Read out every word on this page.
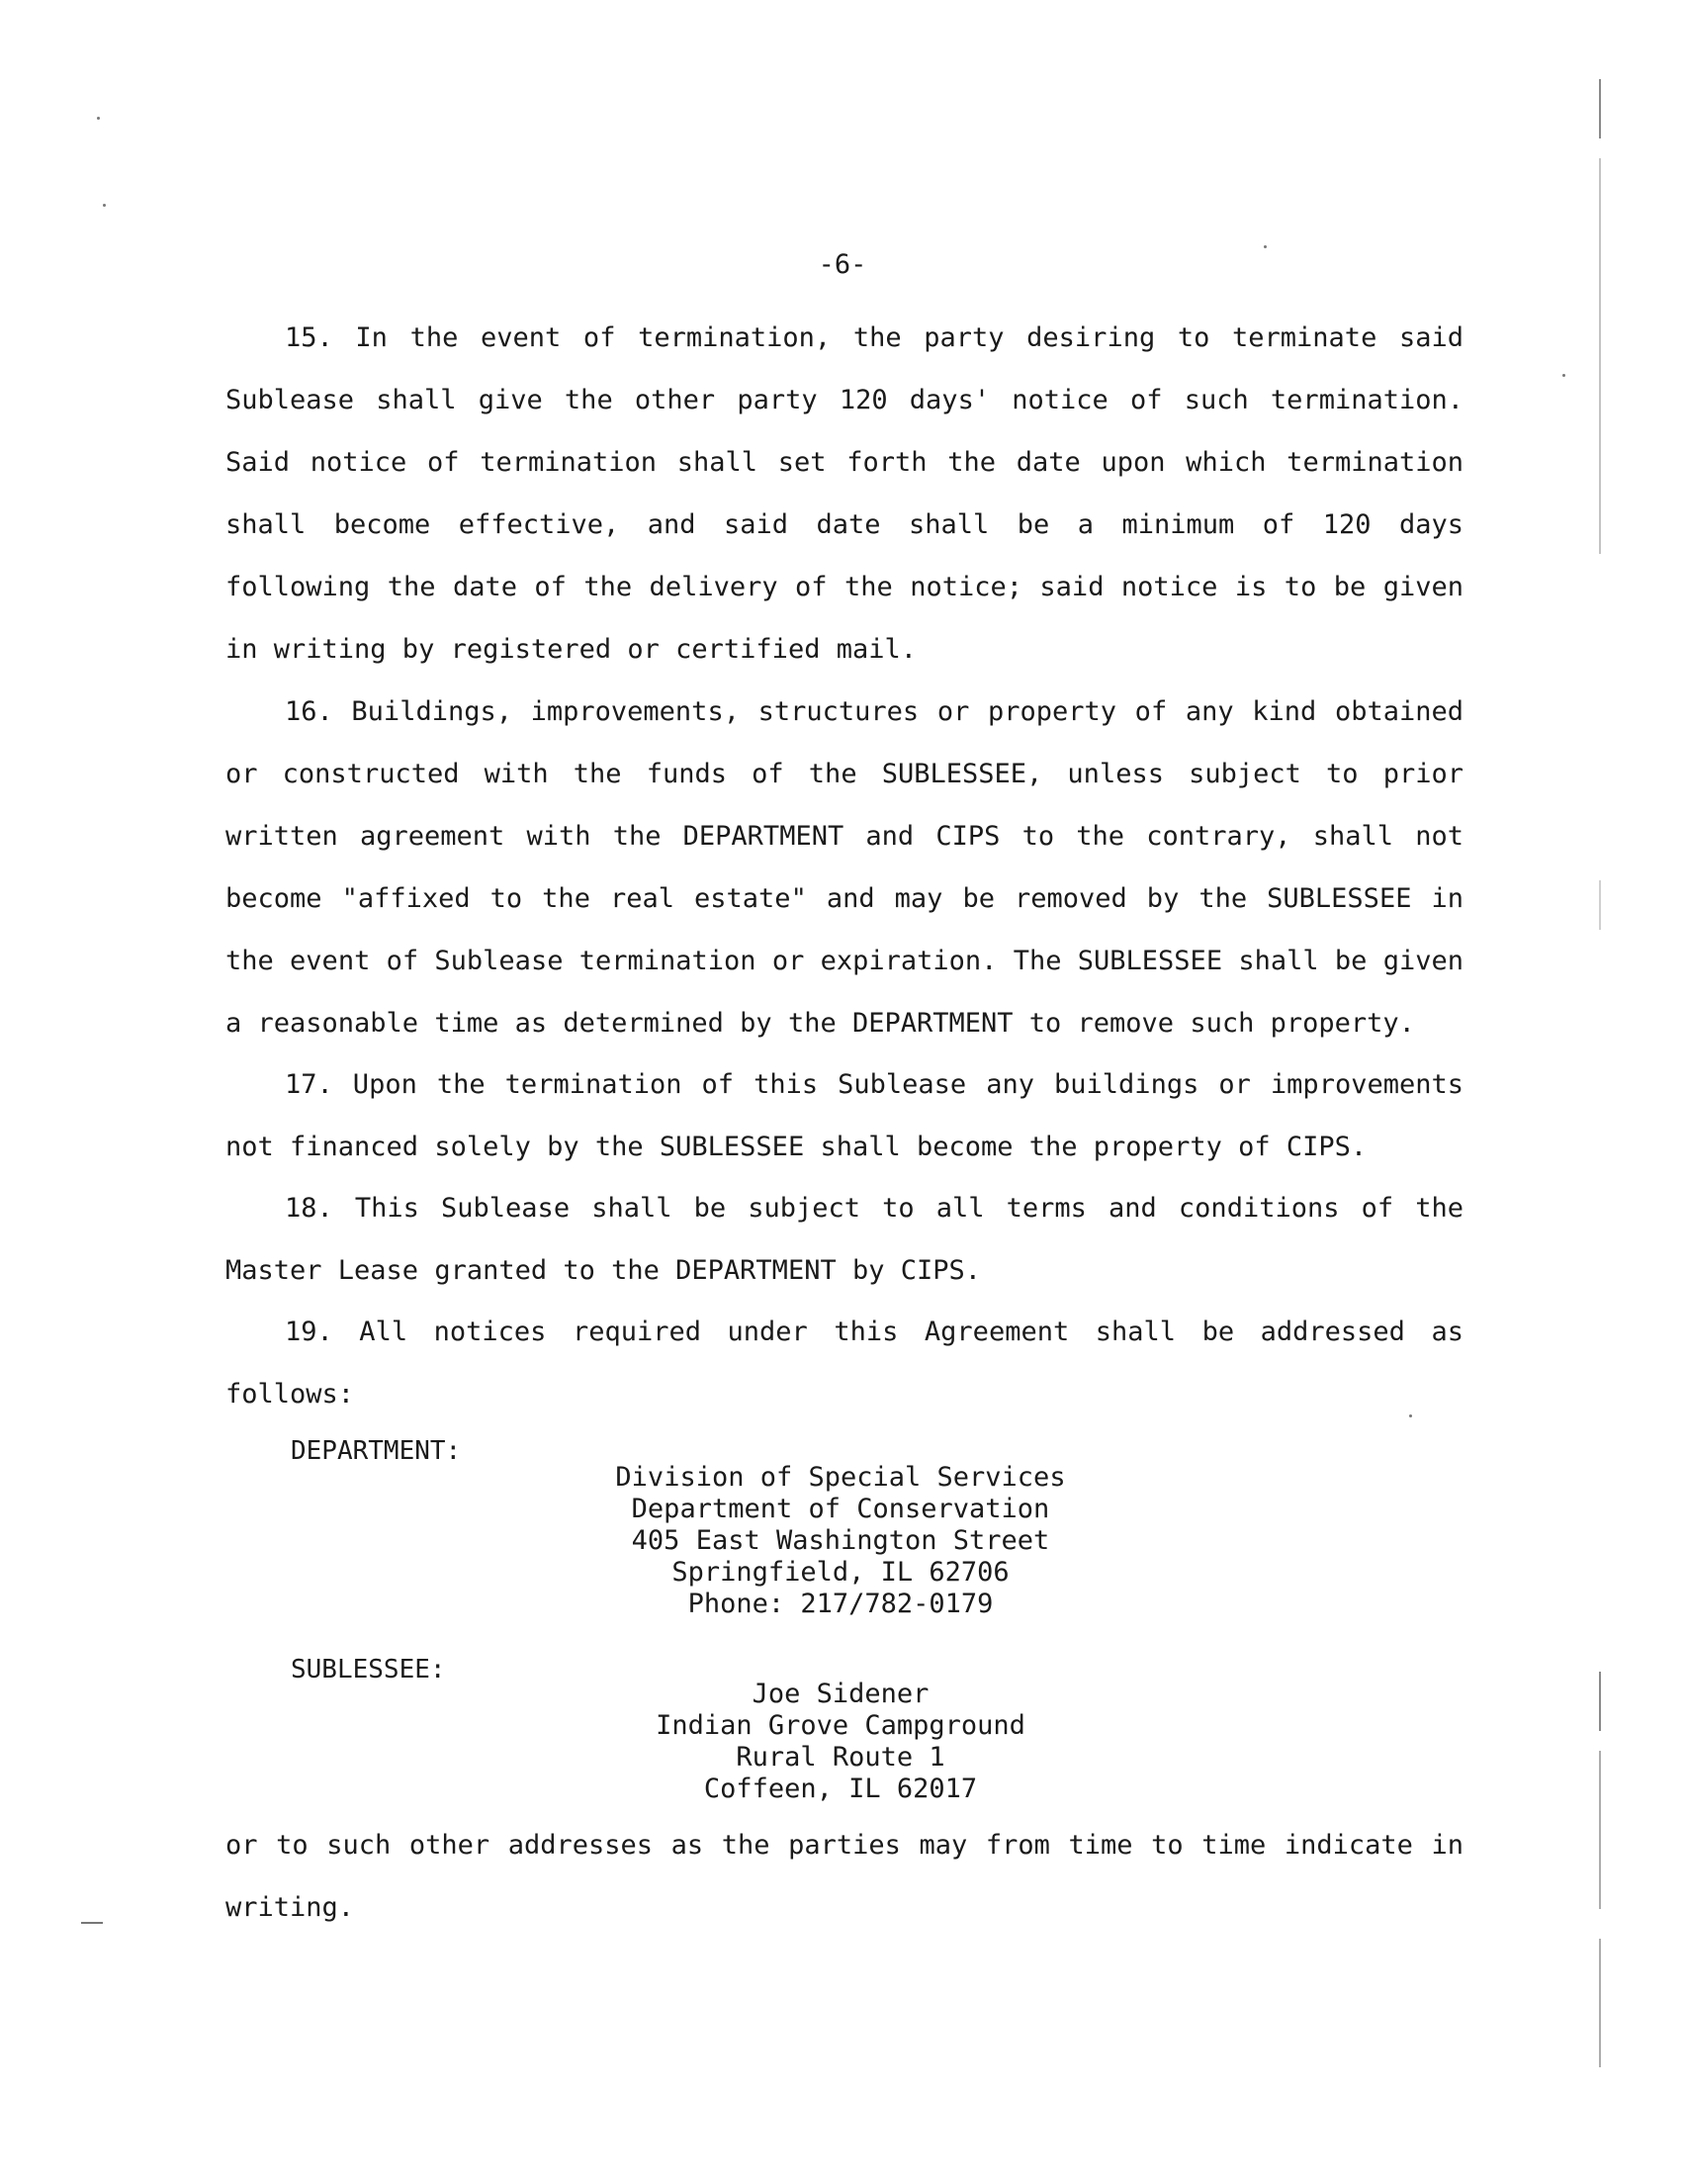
-6-

15. In the event of termination, the party desiring to terminate said Sublease shall give the other party 120 days' notice of such termination. Said notice of termination shall set forth the date upon which termination shall become effective, and said date shall be a minimum of 120 days following the date of the delivery of the notice; said notice is to be given in writing by registered or certified mail.

16. Buildings, improvements, structures or property of any kind obtained or constructed with the funds of the SUBLESSEE, unless subject to prior written agreement with the DEPARTMENT and CIPS to the contrary, shall not become "affixed to the real estate" and may be removed by the SUBLESSEE in the event of Sublease termination or expiration. The SUBLESSEE shall be given a reasonable time as determined by the DEPARTMENT to remove such property.

17. Upon the termination of this Sublease any buildings or improvements not financed solely by the SUBLESSEE shall become the property of CIPS.

18. This Sublease shall be subject to all terms and conditions of the Master Lease granted to the DEPARTMENT by CIPS.

19. All notices required under this Agreement shall be addressed as follows:

DEPARTMENT:
Division of Special Services
Department of Conservation
405 East Washington Street
Springfield, IL 62706
Phone: 217/782-0179
SUBLESSEE:
Joe Sidener
Indian Grove Campground
Rural Route 1
Coffeen, IL 62017

or to such other addresses as the parties may from time to time indicate in writing.
